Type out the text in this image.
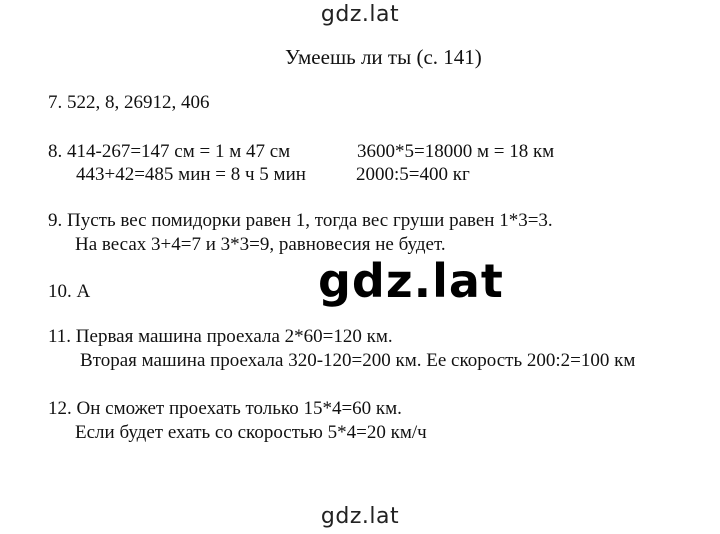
gdz.lat
Умеешь ли ты (с. 141)
7. 522, 8, 26912, 406
8. 414-267=147 см = 1 м 47 см	3600*5=18000 м = 18 км
443+42=485 мин = 8 ч 5 мин	2000:5=400 кг
9. Пусть вес помидорки равен 1, тогда вес груши равен 1*3=3.
На весах 3+4=7 и 3*3=9, равновесия не будет.
10. А
11. Первая машина проехала 2*60=120 км.
Вторая машина проехала 320-120=200 км. Ее скорость 200:2=100 км
12. Он сможет проехать только 15*4=60 км.
Если будет ехать со скоростью 5*4=20 км/ч
gdz.lat
gdz.lat
